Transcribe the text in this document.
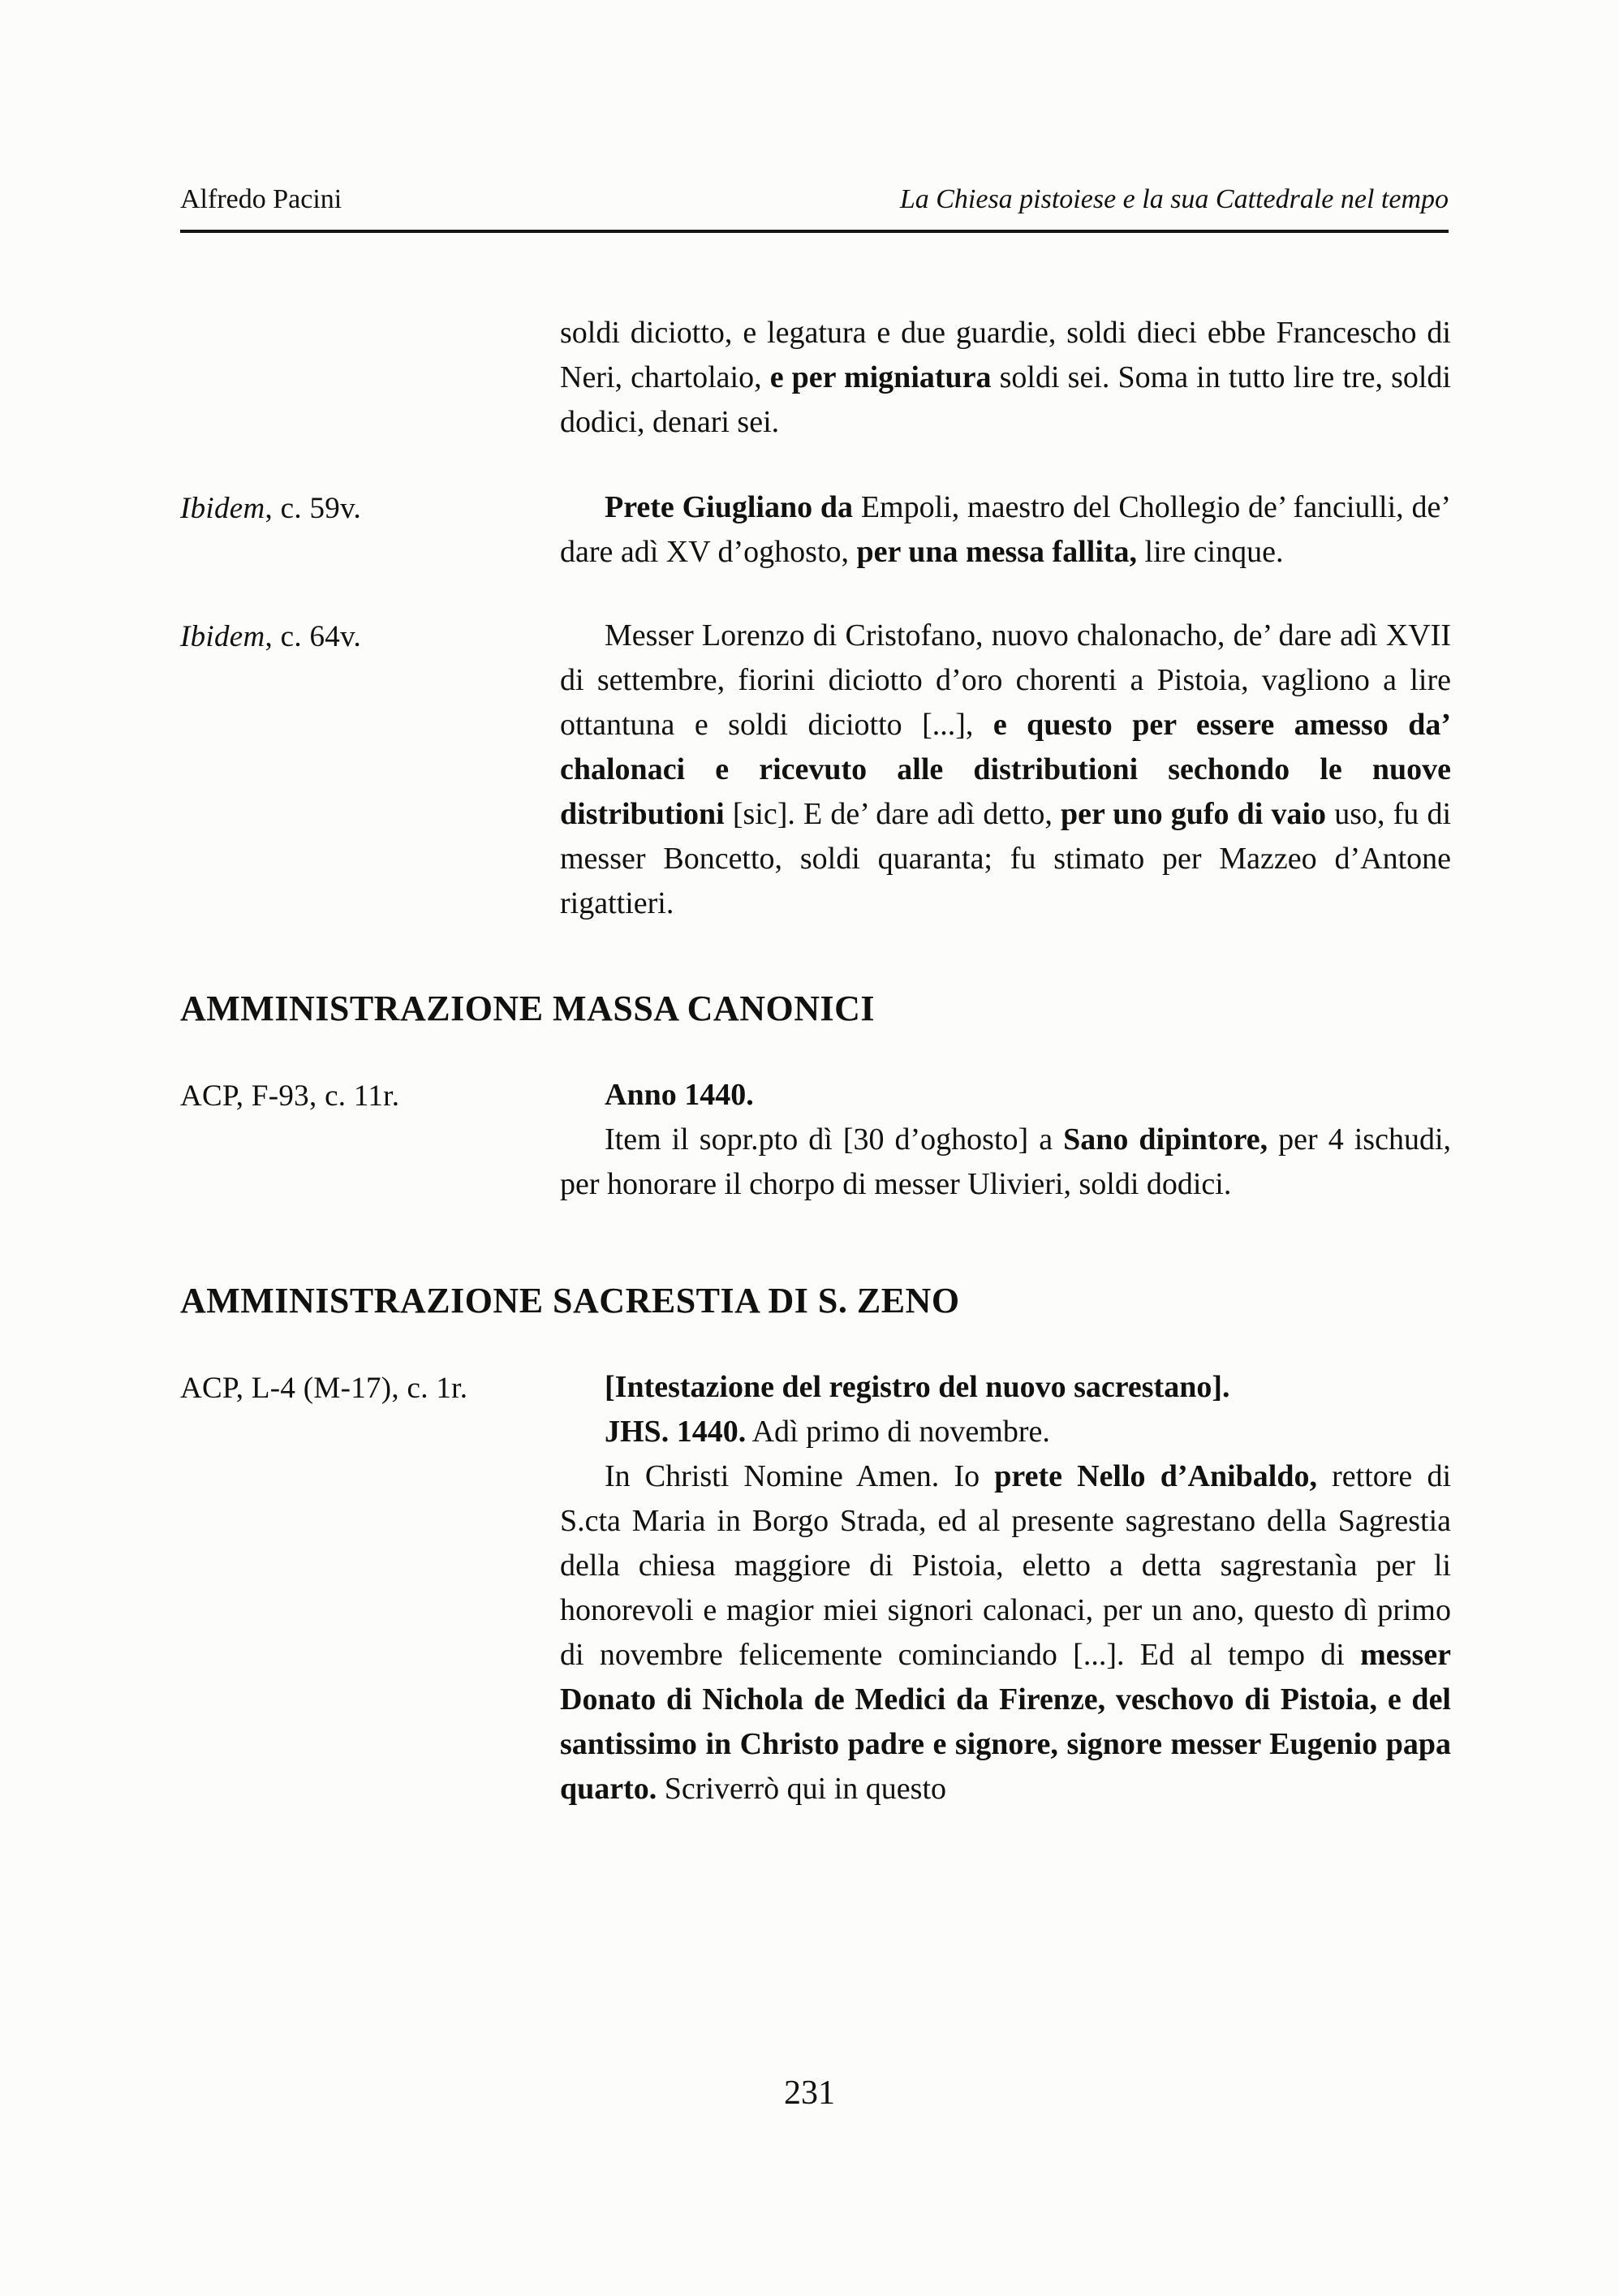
Alfredo Pacini	La Chiesa pistoiese e la sua Cattedrale nel tempo

soldi diciotto, e legatura e due guardie, soldi dieci ebbe Francescho di Neri, chartolaio, e per migniatura soldi sei. Soma in tutto lire tre, soldi dodici, denari sei.

Ibidem, c. 59v.	Prete Giugliano da Empoli, maestro del Chollegio de’ fanciulli, de’ dare adì XV d’oghosto, per una messa fallita, lire cinque.

Ibidem, c. 64v.	Messer Lorenzo di Cristofano, nuovo chalonacho, de’ dare adì XVII di settembre, fiorini diciotto d’oro chorenti a Pistoia, vagliono a lire ottantuna e soldi diciotto [...], e questo per essere amesso da’ chalonaci e ricevuto alle distributioni sechondo le nuove distributioni [sic]. E de’ dare adì detto, per uno gufo di vaio uso, fu di messer Boncetto, soldi quaranta; fu stimato per Mazzeo d’Antone rigattieri.

AMMINISTRAZIONE MASSA CANONICI
ACP, F-93, c. 11r.	Anno 1440.

Item il sopr.pto dì [30 d’oghosto] a Sano dipintore, per 4 ischudi, per honorare il chorpo di messer Ulivieri, soldi dodici.

AMMINISTRAZIONE SACRESTIA DI S. ZENO
ACP, L-4 (M-17), c. 1r.	[Intestazione del registro del nuovo sacrestano].

JHS. 1440. Adì primo di novembre.

In Christi Nomine Amen. Io prete Nello d’Anibaldo, rettore di S.cta Maria in Borgo Strada, ed al presente sagrestano della Sagrestia della chiesa maggiore di Pistoia, eletto a detta sagrestanìa per li honorevoli e magior miei signori calonaci, per un ano, questo dì primo di novembre felicemente cominciando [...]. Ed al tempo di messer Donato di Nichola de Medici da Firenze, veschovo di Pistoia, e del santissimo in Christo padre e signore, signore messer Eugenio papa quarto. Scriverrò qui in questo

231
